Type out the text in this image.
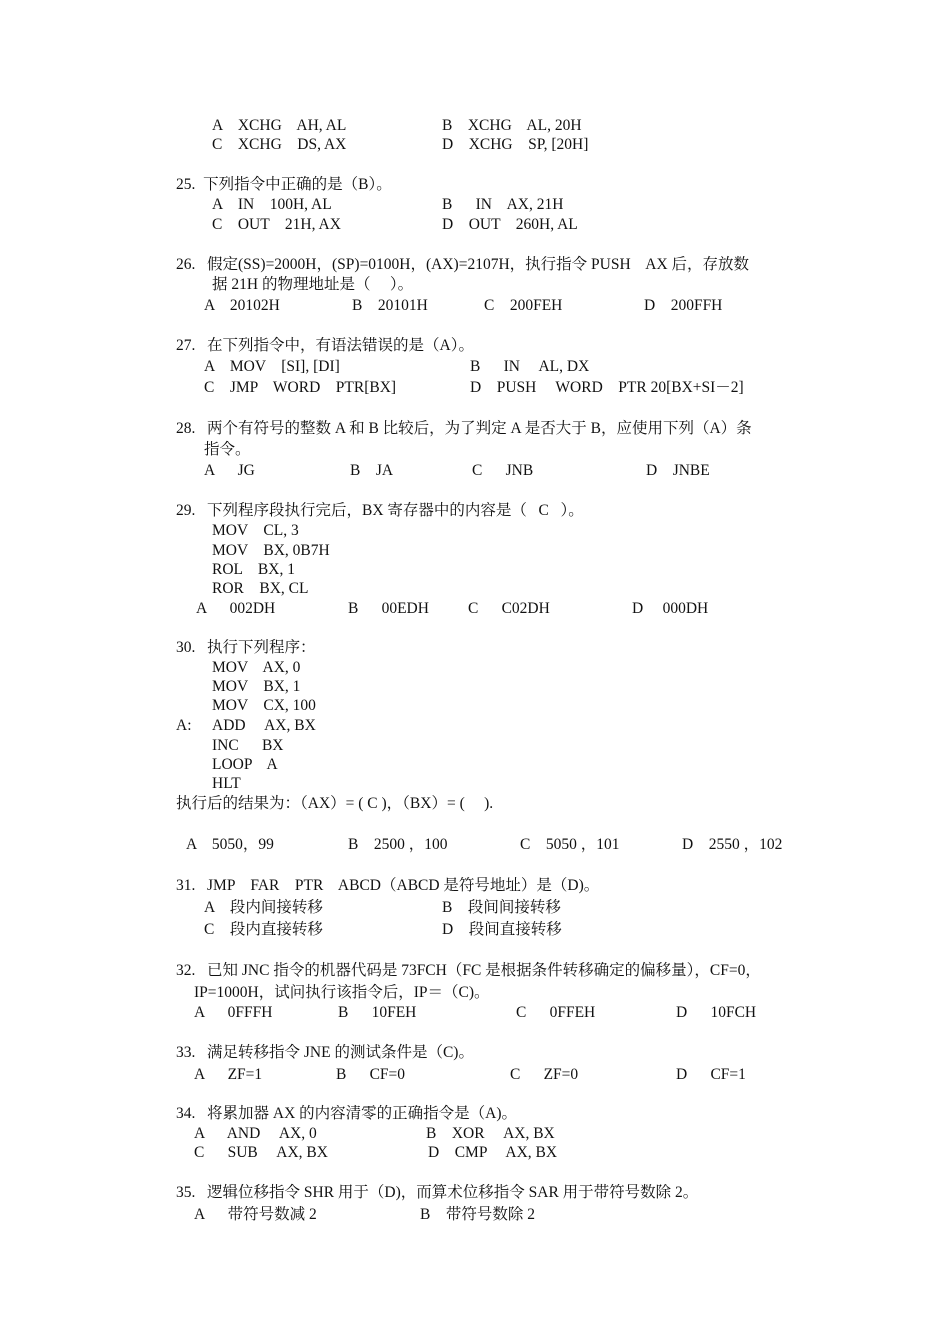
A    XCHG    AH, AL	B    XCHG    AL, 20H
C    XCHG    DS, AX	D    XCHG    SP, [20H]
25.  下列指令中正确的是（B）。
A    IN    100H, AL	B      IN    AX, 21H
C    OUT    21H, AX	D    OUT    260H, AL
26.   假定(SS)=2000H，(SP)=0100H，(AX)=2107H，执行指令 PUSH    AX 后，存放数
据 21H 的物理地址是（     ）。
A    20102H	B    20101H	C    200FEH	D    200FFH
27.   在下列指令中，有语法错误的是（A）。
A    MOV    [SI], [DI]	B      IN     AL, DX
C    JMP    WORD    PTR[BX]	D    PUSH     WORD    PTR 20[BX+SI－2]
28.   两个有符号的整数 A 和 B 比较后，为了判定 A 是否大于 B，应使用下列（A）条
指令。
A      JG	B    JA	C      JNB	D    JNBE
29.   下列程序段执行完后，BX 寄存器中的内容是（   C   ）。
MOV    CL, 3
MOV    BX, 0B7H
ROL    BX, 1
ROR    BX, CL
A      002DH	B      00EDH	C      C02DH	D     000DH
30.   执行下列程序：
MOV    AX, 0
MOV    BX, 1
MOV    CX, 100
A: ADD     AX, BX
INC      BX
LOOP    A
HLT
执行后的结果为：（AX）= ( C )，（BX）= (     ).
A    5050，99	B    2500 ，100	C    5050 ，101	D    2550 ，102
31.   JMP    FAR    PTR    ABCD（ABCD 是符号地址）是（D)。
A    段内间接转移	B    段间间接转移
C    段内直接转移	D    段间直接转移
32.   已知 JNC 指令的机器代码是 73FCH（FC 是根据条件转移确定的偏移量），CF=0，
IP=1000H，试问执行该指令后，IP＝（C)。
A      0FFFH	B      10FEH	C      0FFEH	D      10FCH
33.   满足转移指令 JNE 的测试条件是（C)。
A      ZF=1	B      CF=0	C      ZF=0	D      CF=1
34.   将累加器 AX 的内容清零的正确指令是（A)。
A      AND     AX, 0	B    XOR     AX, BX
C      SUB     AX, BX	D    CMP     AX, BX
35.   逻辑位移指令 SHR 用于（D)，而算术位移指令 SAR 用于带符号数除 2。
A      带符号数减 2	B    带符号数除 2
